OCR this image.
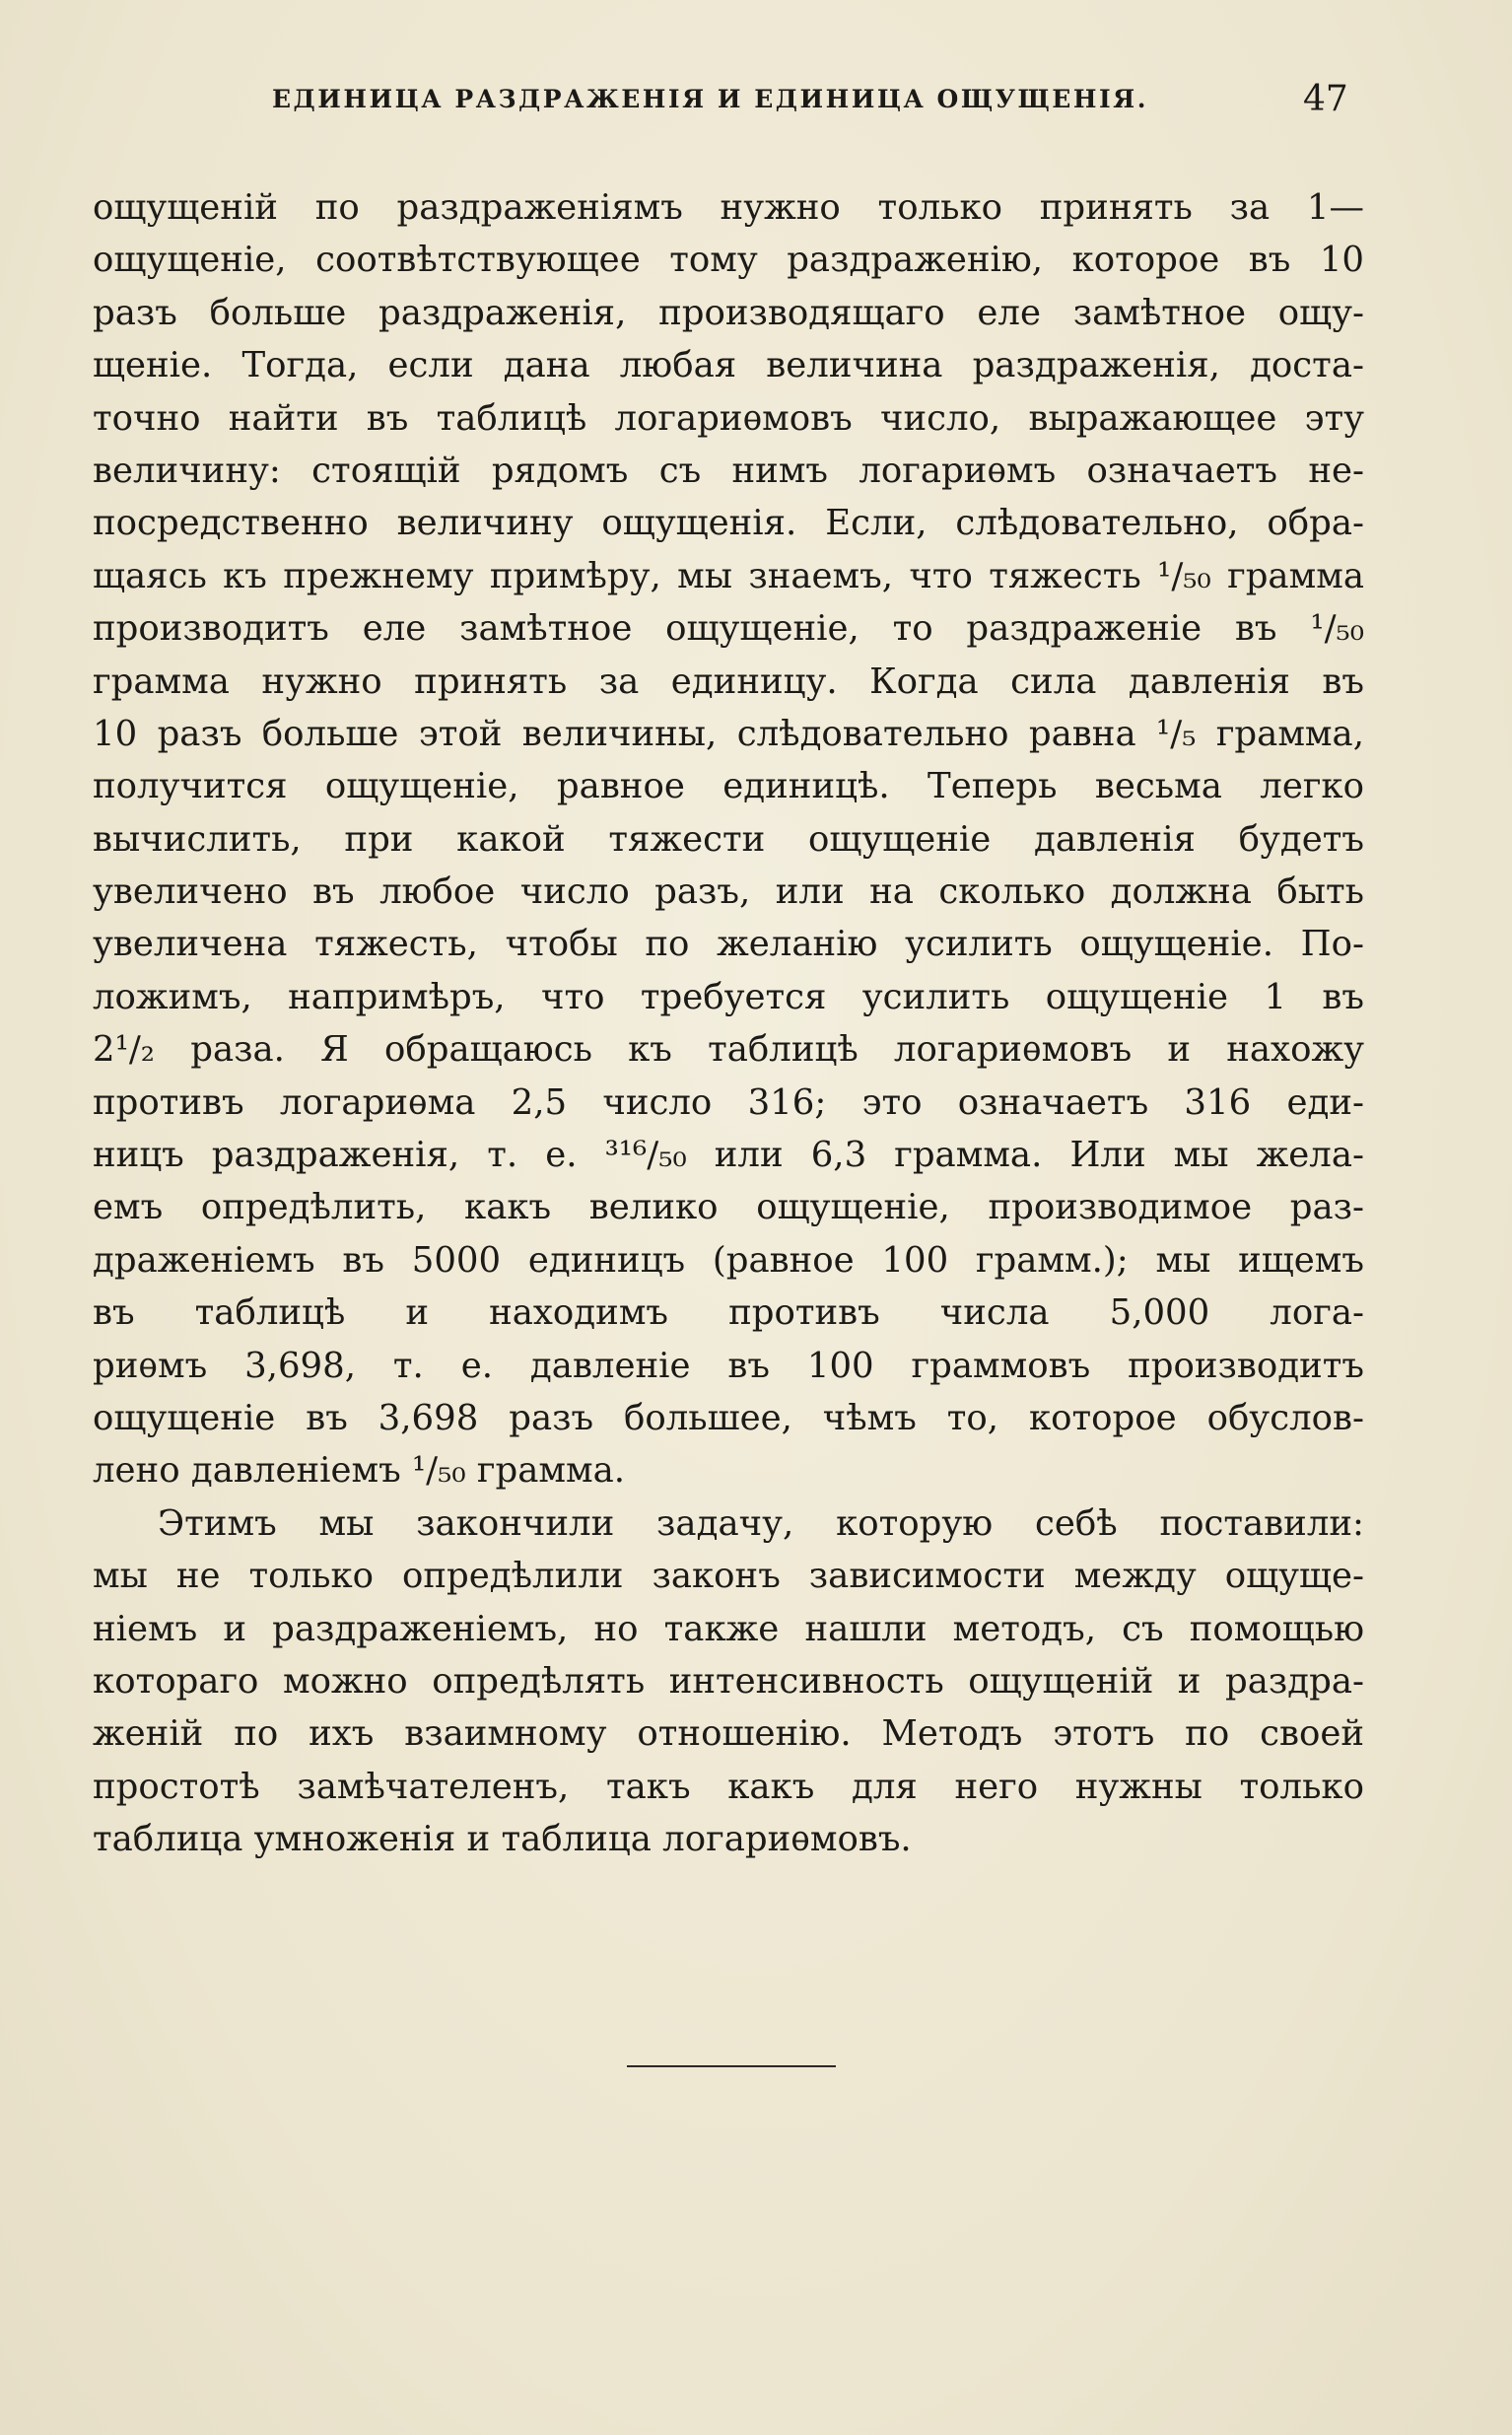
ЕДИНИЦА РАЗДРАЖЕНІЯ И ЕДИНИЦА ОЩУЩЕНІЯ.	47
ощущеній по раздраженіямъ нужно только принять за 1—
ощущеніе, соотвѣтствующее тому раздраженію, которое въ 10
разъ больше раздраженія, производящаго еле замѣтное ощу-
щеніе. Тогда, если дана любая величина раздраженія, доста-
точно найти въ таблицѣ логариѳмовъ число, выражающее эту
величину: стоящій рядомъ съ нимъ логариѳмъ означаетъ не-
посредственно величину ощущенія. Если, слѣдовательно, обра-
щаясь къ прежнему примѣру, мы знаемъ, что тяжесть ¹/₅₀ грамма
производитъ еле замѣтное ощущеніе, то раздраженіе въ ¹/₅₀
грамма нужно принять за единицу. Когда сила давленія въ
10 разъ больше этой величины, слѣдовательно равна ¹/₅ грамма,
получится ощущеніе, равное единицѣ. Теперь весьма легко
вычислить, при какой тяжести ощущеніе давленія будетъ
увеличено въ любое число разъ, или на сколько должна быть
увеличена тяжесть, чтобы по желанію усилить ощущеніе. По-
ложимъ, напримѣръ, что требуется усилить ощущеніе 1 въ
2¹/₂ раза. Я обращаюсь къ таблицѣ логариѳмовъ и нахожу
противъ логариѳма 2,5 число 316; это означаетъ 316 еди-
ницъ раздраженія, т. е. ³¹⁶/₅₀ или 6,3 грамма. Или мы жела-
емъ опредѣлить, какъ велико ощущеніе, производимое раз-
драженіемъ въ 5000 единицъ (равное 100 грамм.); мы ищемъ
въ таблицѣ и находимъ противъ числа 5,000 лога-
риѳмъ 3,698, т. е. давленіе въ 100 граммовъ производитъ
ощущеніе въ 3,698 разъ большее, чѣмъ то, которое обуслов-
лено давленіемъ ¹/₅₀ грамма.
Этимъ мы закончили задачу, которую себѣ поставили:
мы не только опредѣлили законъ зависимости между ощуще-
ніемъ и раздраженіемъ, но также нашли методъ, съ помощью
котораго можно опредѣлять интенсивность ощущеній и раздра-
женій по ихъ взаимному отношенію. Методъ этотъ по своей
простотѣ замѣчателенъ, такъ какъ для него нужны только
таблица умноженія и таблица логариѳмовъ.
